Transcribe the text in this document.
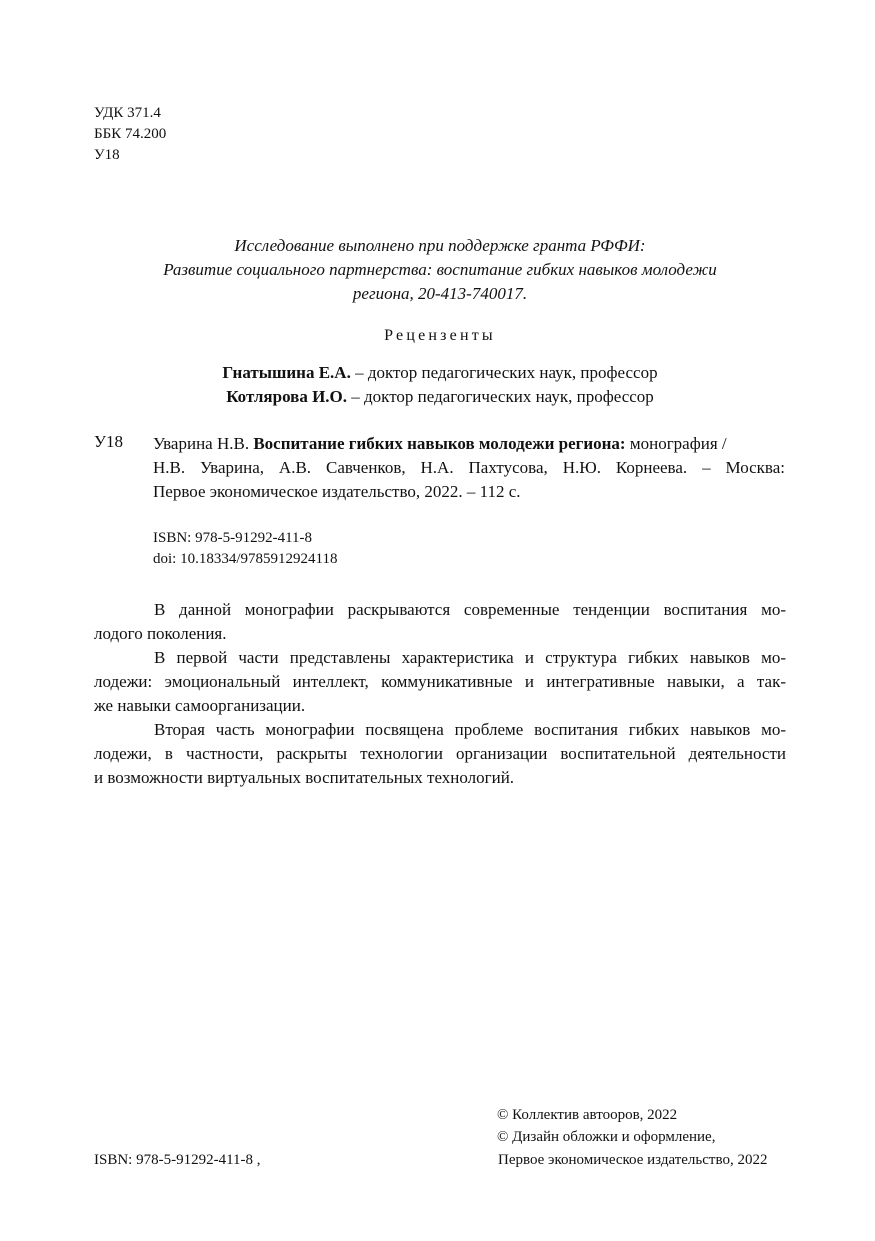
УДК 371.4
ББК 74.200
У18
Исследование выполнено при поддержке гранта РФФИ:
Развитие социального партнерства: воспитание гибких навыков молодежи
региона, 20-413-740017.
Рецензенты
Гнатышина Е.А. – доктор педагогических наук, профессор
Котлярова И.О. – доктор педагогических наук, профессор
У18 Уварина Н.В. Воспитание гибких навыков молодежи региона: монография /
Н.В. Уварина, А.В. Савченков, Н.А. Пахтусова, Н.Ю. Корнеева. – Москва:
Первое экономическое издательство, 2022. – 112 с.
ISBN: 978-5-91292-411-8
doi: 10.18334/9785912924118

В данной монографии раскрываются современные тенденции воспитания мо-
лодого поколения.

В первой части представлены характеристика и структура гибких навыков мо-
лодежи: эмоциональный интеллект, коммуникативные и интегративные навыки, а так-
же навыки самоорганизации.

Вторая часть монографии посвящена проблеме воспитания гибких навыков мо-
лодежи, в частности, раскрыты технологии организации воспитательной деятельности
и возможности виртуальных воспитательных технологий.

© Коллектив автооров, 2022
© Дизайн обложки и оформление,
ISBN: 978-5-91292-411-8 ,	Первое экономическое издательство, 2022
